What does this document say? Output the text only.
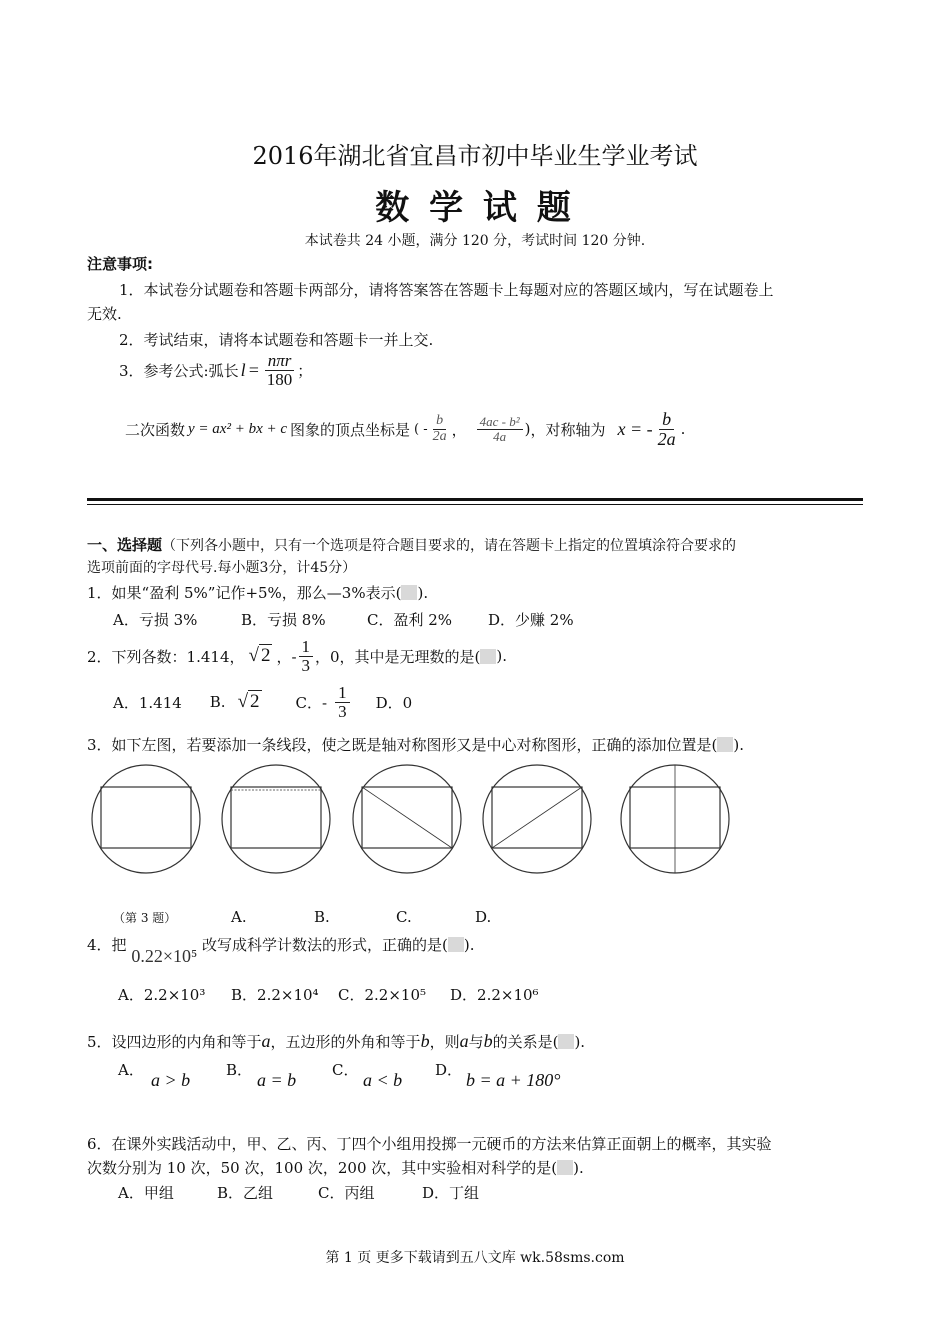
2016年湖北省宜昌市初中毕业生学业考试
数 学 试 题
本试卷共 24 小题，满分 120 分，考试时间 120 分钟.
注意事项:
1．本试卷分试题卷和答题卡两部分，请将答案答在答题卡上每题对应的答题区域内，写在试题卷上
无效.
2．考试结束，请将本试题卷和答题卡一并上交.
3．参考公式:弧长 $l = \frac{\text{nπr}}{180}$ ；
二次函数 y = ax² + bx + c 图象的顶点坐标是 ( - $\frac{b}{2a}$ ， $\frac{\text{4ac - b²}}{4a}$ ) ，对称轴为 x = - $\frac{b}{2a}$ .
一、选择题（下列各小题中，只有一个选项是符合题目要求的，请在答题卡上指定的位置填涂符合要求的
选项前面的字母代号.每小题3分，计45分）
1．如果“盈利 5%”记作+5%，那么—3%表示( ).
A．亏损 3%	B．亏损 8%	C．盈利 2% D．少赚 2%
2．下列各数：1.414， √ 2 ，- $\frac{1}{3}$ ，0，其中是无理数的是( ).
A．1.414 B. √ 2 C．- $\frac{1}{3}$ D．0
3．如下左图，若要添加一条线段，使之既是轴对称图形又是中心对称图形，正确的添加位置是( ).
（第 3 题）	A.	B.	C.	D.
4．把 0.22×10⁵ 改写成科学计数法的形式，正确的是( ).
A．2.2×10³ B．2.2×10⁴ C．2.2×10⁵ D．2.2×10⁶
5．设四边形的内角和等于a，五边形的外角和等于b，则a与b的关系是( ).
A． a > b B． a = b C． a < b D． b = a + 180°
6．在课外实践活动中，甲、乙、丙、丁四个小组用投掷一元硬币的方法来估算正面朝上的概率，其实验
次数分别为 10 次，50 次，100 次，200 次，其中实验相对科学的是( ).
A．甲组	B．乙组	C．丙组	D．丁组
第 1 页 更多下载请到五八文库 wk.58sms.com
